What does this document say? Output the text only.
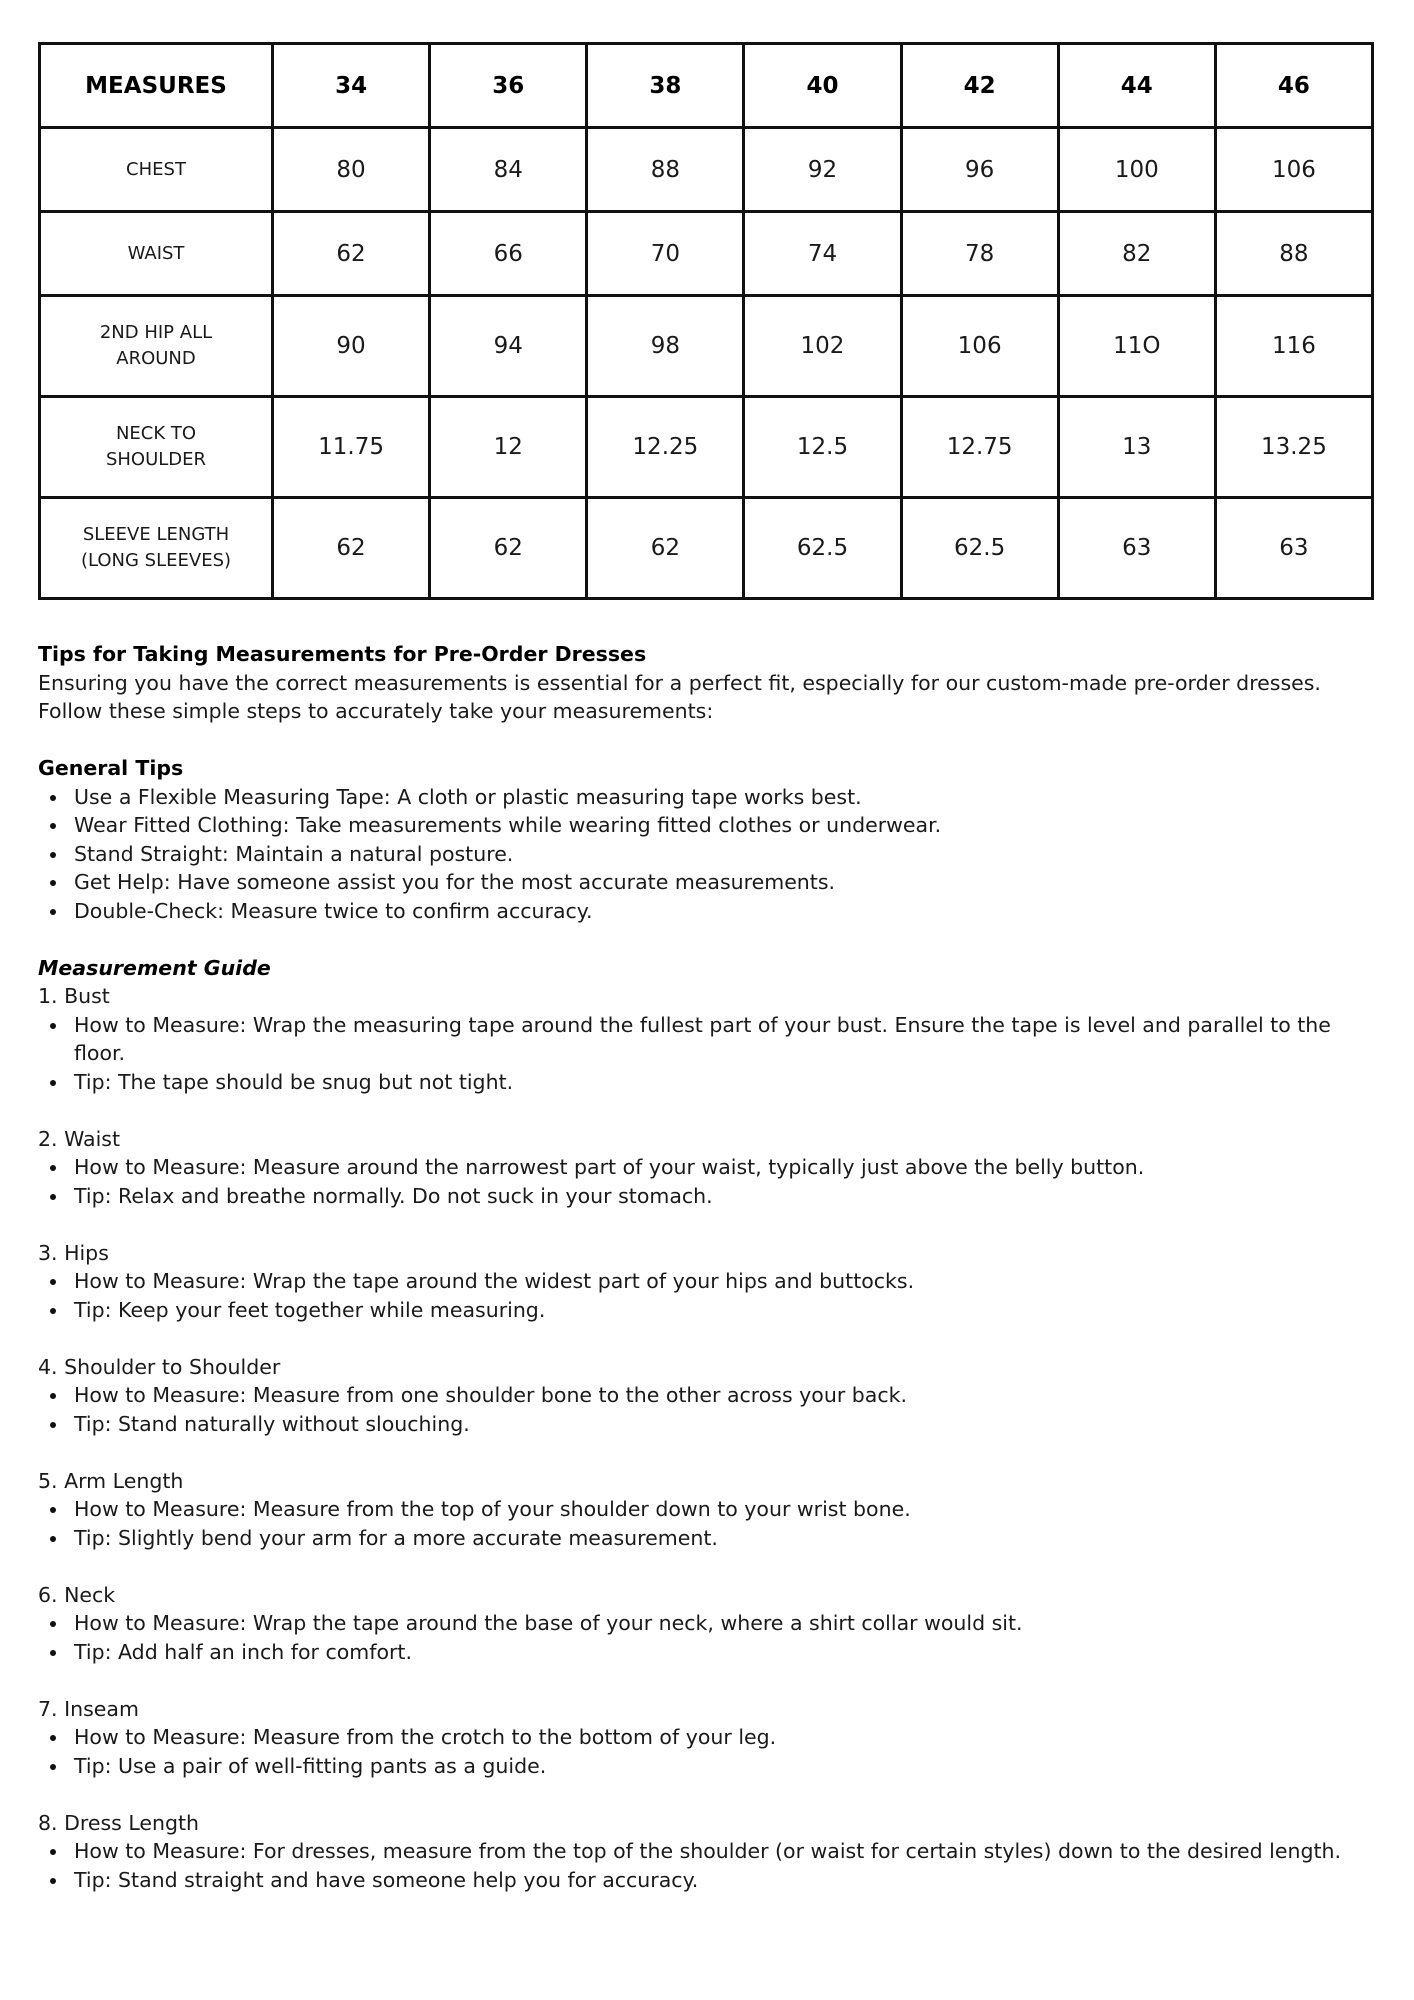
MEASURES	34	36	38	40	42	44	46
CHEST	80	84	88	92	96	100	106
WAIST	62	66	70	74	78	82	88
2ND HIP ALL
AROUND	90	94	98	102	106	11O	116
NECK TO
SHOULDER	11.75	12	12.25	12.5	12.75	13	13.25
SLEEVE LENGTH
(LONG SLEEVES)	62	62	62	62.5	62.5	63	63

Tips for Taking Measurements for Pre-Order Dresses

Ensuring you have the correct measurements is essential for a perfect fit, especially for our custom-made pre-order dresses.

Follow these simple steps to accurately take your measurements:

General Tips

Use a Flexible Measuring Tape: A cloth or plastic measuring tape works best.
Wear Fitted Clothing: Take measurements while wearing fitted clothes or underwear.
Stand Straight: Maintain a natural posture.
Get Help: Have someone assist you for the most accurate measurements.
Double-Check: Measure twice to confirm accuracy.

Measurement Guide

1. Bust

How to Measure: Wrap the measuring tape around the fullest part of your bust. Ensure the tape is level and parallel to the
floor.
Tip: The tape should be snug but not tight.

2. Waist

How to Measure: Measure around the narrowest part of your waist, typically just above the belly button.
Tip: Relax and breathe normally. Do not suck in your stomach.

3. Hips

How to Measure: Wrap the tape around the widest part of your hips and buttocks.
Tip: Keep your feet together while measuring.

4. Shoulder to Shoulder

How to Measure: Measure from one shoulder bone to the other across your back.
Tip: Stand naturally without slouching.

5. Arm Length

How to Measure: Measure from the top of your shoulder down to your wrist bone.
Tip: Slightly bend your arm for a more accurate measurement.

6. Neck

How to Measure: Wrap the tape around the base of your neck, where a shirt collar would sit.
Tip: Add half an inch for comfort.

7. Inseam

How to Measure: Measure from the crotch to the bottom of your leg.
Tip: Use a pair of well-fitting pants as a guide.

8. Dress Length

How to Measure: For dresses, measure from the top of the shoulder (or waist for certain styles) down to the desired length.
Tip: Stand straight and have someone help you for accuracy.
